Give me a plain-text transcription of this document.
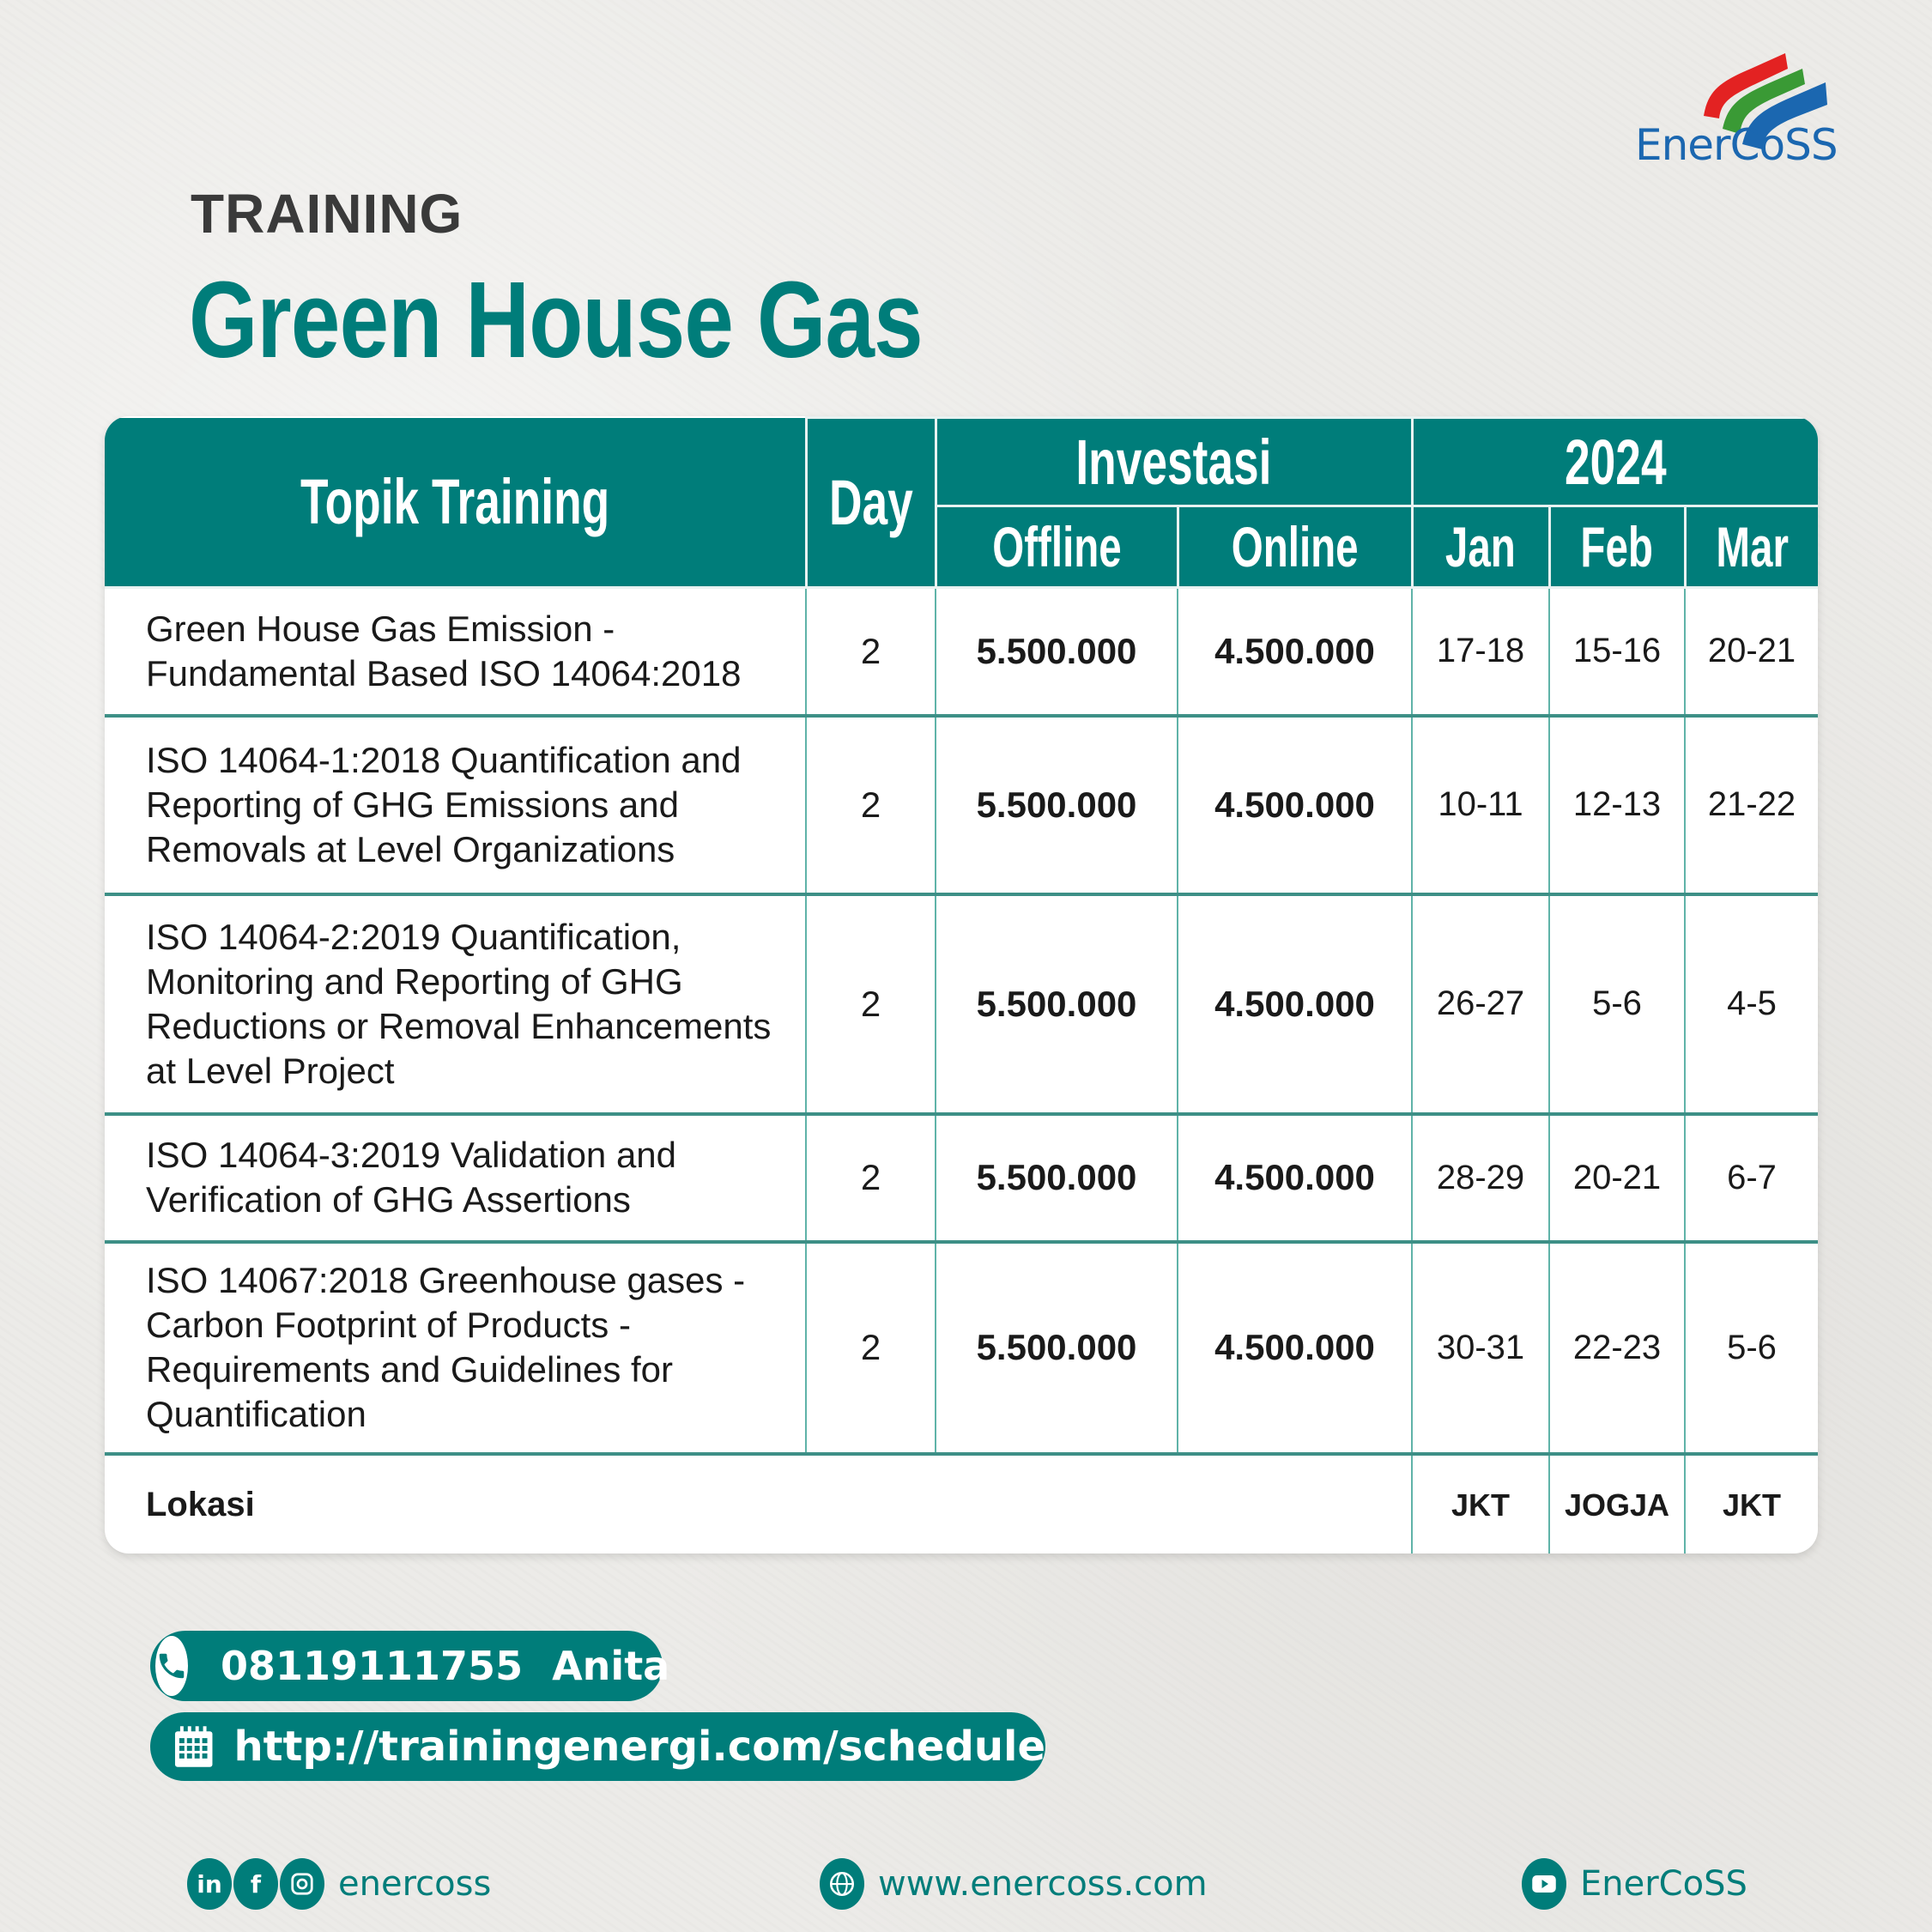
EnerCoSS
TRAINING
Green House Gas
Topik Training	Day	Investasi		2024		
		Offline	Online	Jan	Feb	Mar
Green House Gas Emission - Fundamental Based ISO 14064:2018	2	5.500.000	4.500.000	17-18	15-16	20-21
ISO 14064-1:2018 Quantification and Reporting of GHG Emissions and Removals at Level Organizations	2	5.500.000	4.500.000	10-11	12-13	21-22
ISO 14064-2:2019 Quantification, Monitoring and Reporting of GHG Reductions or Removal Enhancements at Level Project	2	5.500.000	4.500.000	26-27	5-6	4-5
ISO 14064-3:2019 Validation and Verification of GHG Assertions	2	5.500.000	4.500.000	28-29	20-21	6-7
ISO 14067:2018 Greenhouse gases - Carbon Footprint of Products - Requirements and Guidelines for Quantification	2	5.500.000	4.500.000	30-31	22-23	5-6
Lokasi				JKT	JOGJA	JKT
08119111755 Anita
http://trainingenergi.com/schedule
in	f	enercoss	www.enercoss.com	EnerCoSS
